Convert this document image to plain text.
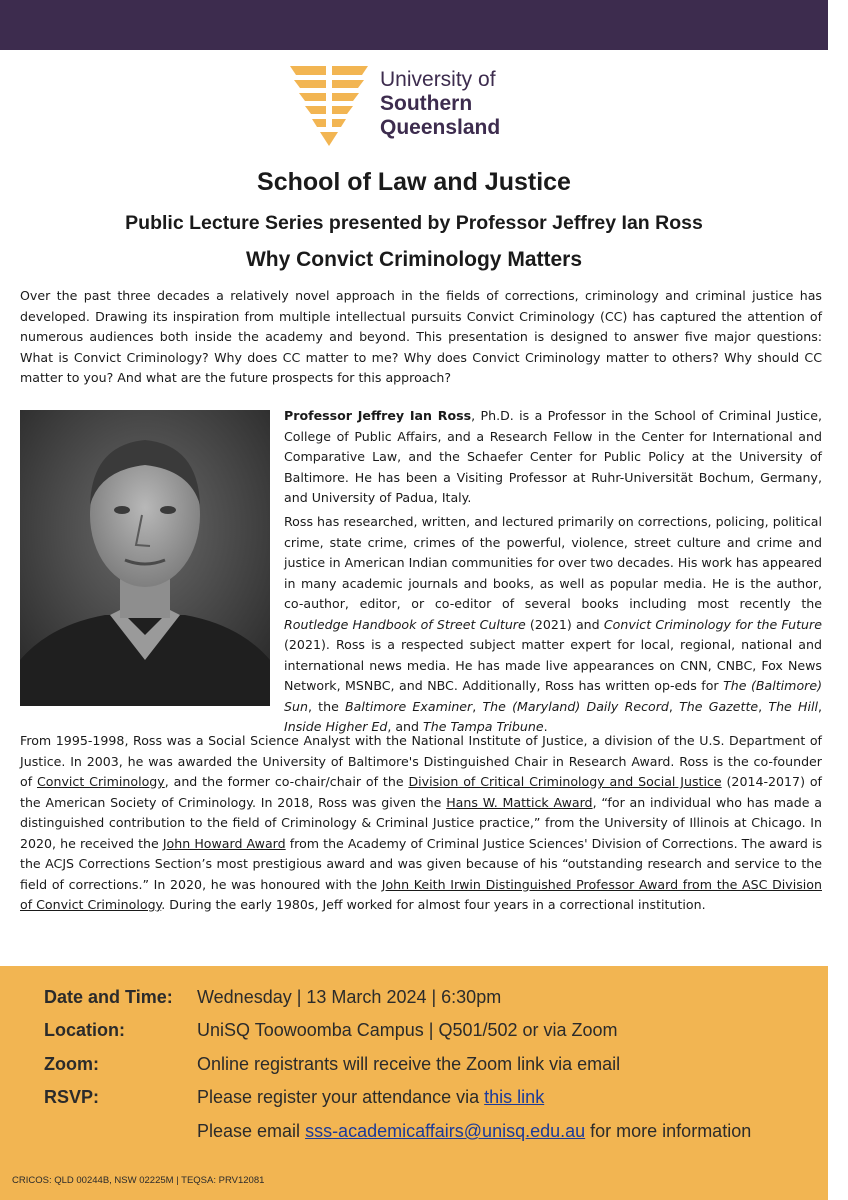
University of
Southern
Queensland
School of Law and Justice
Public Lecture Series presented by Professor Jeffrey Ian Ross
Why Convict Criminology Matters

Over the past three decades a relatively novel approach in the fields of corrections, criminology and criminal justice has developed. Drawing its inspiration from multiple intellectual pursuits Convict Criminology (CC) has captured the attention of numerous audiences both inside the academy and beyond. This presentation is designed to answer five major questions: What is Convict Criminology? Why does CC matter to me? Why does Convict Criminology matter to others? Why should CC matter to you? And what are the future prospects for this approach?

Professor Jeffrey Ian Ross, Ph.D. is a Professor in the School of Criminal Justice, College of Public Affairs, and a Research Fellow in the Center for International and Comparative Law, and the Schaefer Center for Public Policy at the University of Baltimore. He has been a Visiting Professor at Ruhr-Universität Bochum, Germany, and University of Padua, Italy.

Ross has researched, written, and lectured primarily on corrections, policing, political crime, state crime, crimes of the powerful, violence, street culture and crime and justice in American Indian communities for over two decades. His work has appeared in many academic journals and books, as well as popular media. He is the author, co-author, editor, or co-editor of several books including most recently the Routledge Handbook of Street Culture (2021) and Convict Criminology for the Future (2021). Ross is a respected subject matter expert for local, regional, national and international news media. He has made live appearances on CNN, CNBC, Fox News Network, MSNBC, and NBC. Additionally, Ross has written op-eds for The (Baltimore) Sun, the Baltimore Examiner, The (Maryland) Daily Record, The Gazette, The Hill, Inside Higher Ed, and The Tampa Tribune.

From 1995-1998, Ross was a Social Science Analyst with the National Institute of Justice, a division of the U.S. Department of Justice. In 2003, he was awarded the University of Baltimore's Distinguished Chair in Research Award. Ross is the co-founder of Convict Criminology, and the former co-chair/chair of the Division of Critical Criminology and Social Justice (2014-2017) of the American Society of Criminology. In 2018, Ross was given the Hans W. Mattick Award, “for an individual who has made a distinguished contribution to the field of Criminology & Criminal Justice practice,” from the University of Illinois at Chicago. In 2020, he received the John Howard Award from the Academy of Criminal Justice Sciences' Division of Corrections. The award is the ACJS Corrections Section’s most prestigious award and was given because of his “outstanding research and service to the field of corrections.” In 2020, he was honoured with the John Keith Irwin Distinguished Professor Award from the ASC Division of Convict Criminology. During the early 1980s, Jeff worked for almost four years in a correctional institution.

Date and Time: Wednesday | 13 March 2024 | 6:30pm
Location:	UniSQ Toowoomba Campus | Q501/502 or via Zoom
Zoom:	Online registrants will receive the Zoom link via email
RSVP:	Please register your attendance via this link
Please email sss-academicaffairs@unisq.edu.au for more information
CRICOS: QLD 00244B, NSW 02225M | TEQSA: PRV12081
